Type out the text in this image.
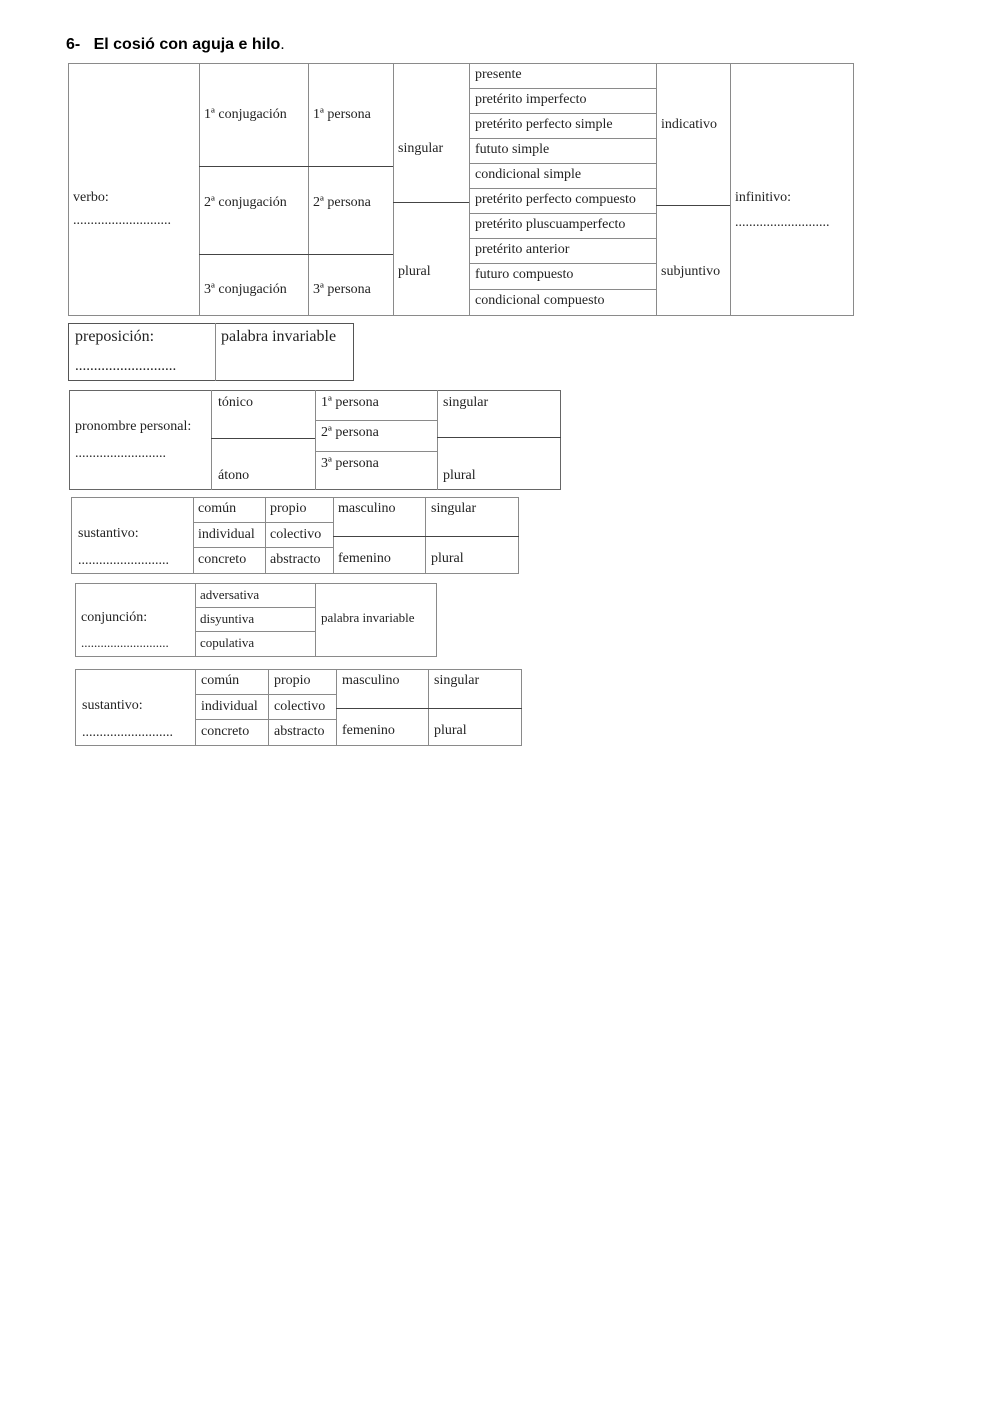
6- El cosió con aguja e hilo.
verbo:
............................
1ª conjugación
2ª conjugación
3ª conjugación
1ª persona
2ª persona
3ª persona
singular
plural
presente
pretérito imperfecto
pretérito perfecto simple
fututo simple
condicional simple
pretérito perfecto compuesto
pretérito pluscuamperfecto
pretérito anterior
futuro compuesto
condicional compuesto
indicativo
subjuntivo
infinitivo:
...........................
preposición:
...........................
palabra invariable
pronombre personal:
..........................
tónico
átono
1ª persona
2ª persona
3ª persona
singular
plural
sustantivo:
..........................
común propio
individual colectivo
concreto abstracto
masculino
femenino
singular
plural
conjunción:
...........................
adversativa
disyuntiva
copulativa
palabra invariable
sustantivo:
..........................
común propio
individual colectivo
concreto abstracto
masculino
femenino
singular
plural
